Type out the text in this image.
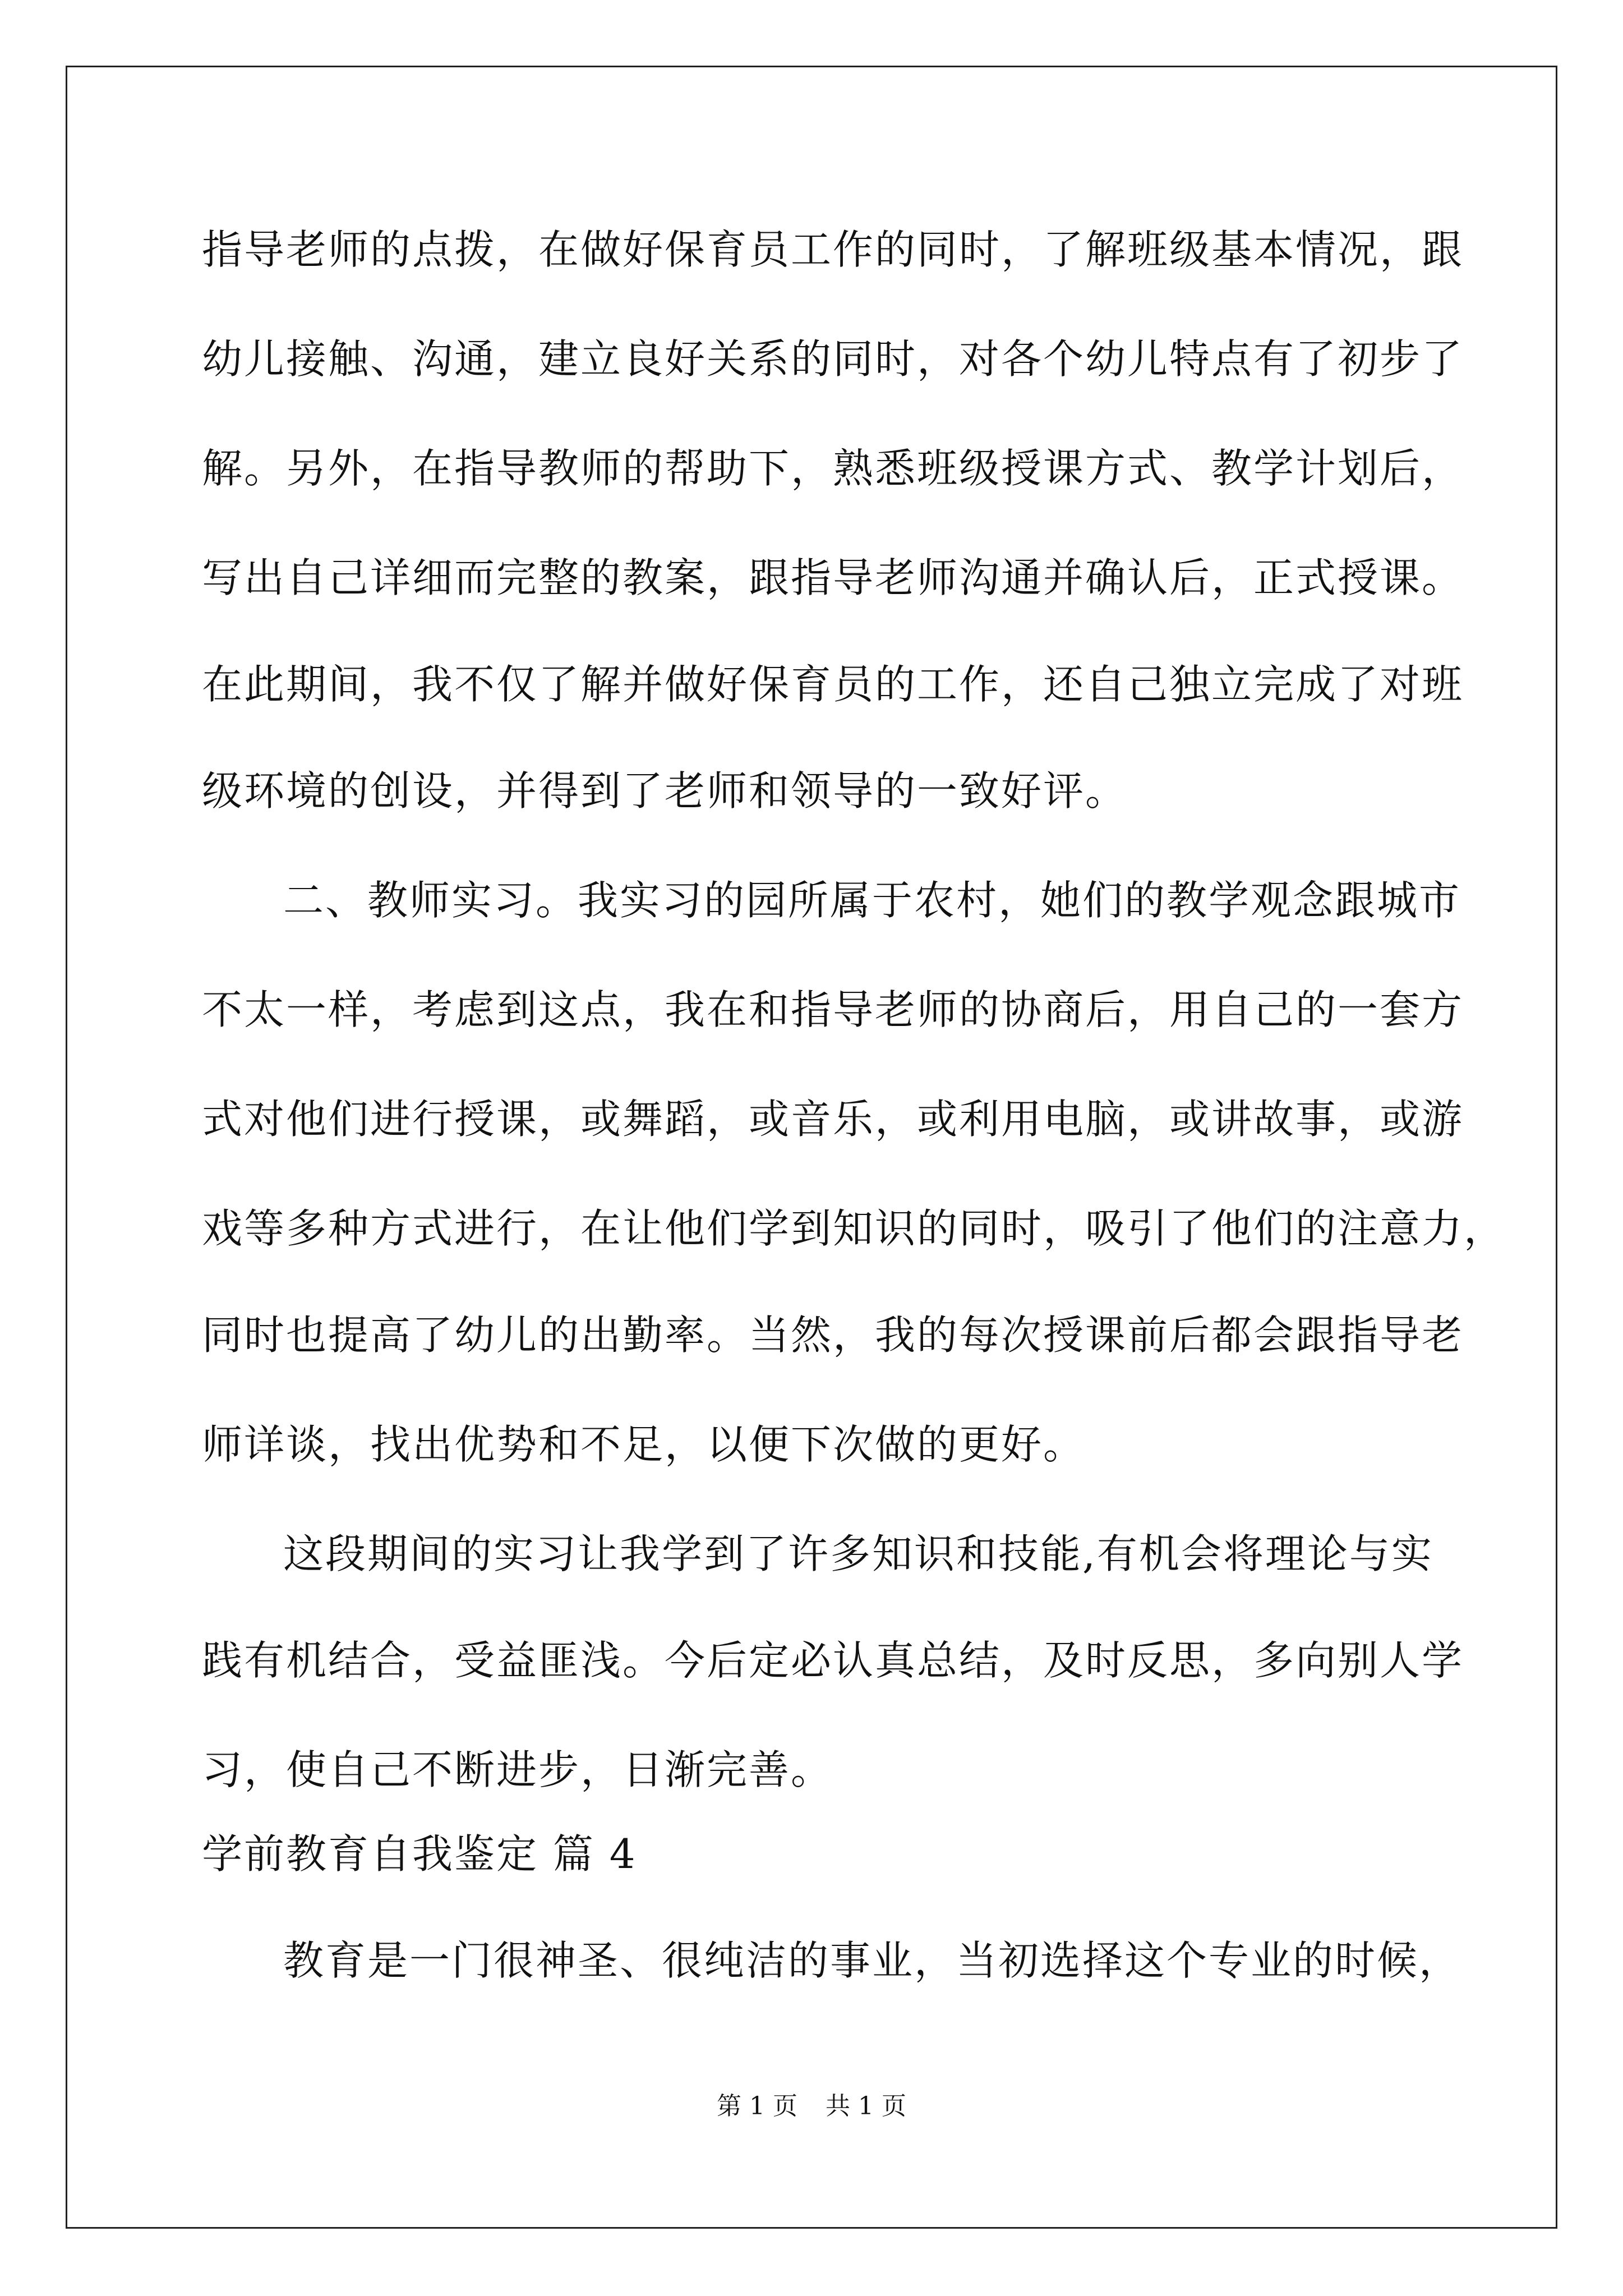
指导老师的点拨，在做好保育员工作的同时，了解班级基本情况，跟
幼儿接触、沟通，建立良好关系的同时，对各个幼儿特点有了初步了
解。另外，在指导教师的帮助下，熟悉班级授课方式、教学计划后，
写出自己详细而完整的教案，跟指导老师沟通并确认后，正式授课。
在此期间，我不仅了解并做好保育员的工作，还自己独立完成了对班
级环境的创设，并得到了老师和领导的一致好评。
二、教师实习。我实习的园所属于农村，她们的教学观念跟城市
不太一样，考虑到这点，我在和指导老师的协商后，用自己的一套方
式对他们进行授课，或舞蹈，或音乐，或利用电脑，或讲故事，或游
戏等多种方式进行，在让他们学到知识的同时，吸引了他们的注意力，
同时也提高了幼儿的出勤率。当然，我的每次授课前后都会跟指导老
师详谈，找出优势和不足，以便下次做的更好。
这段期间的实习让我学到了许多知识和技能,有机会将理论与实
践有机结合，受益匪浅。今后定必认真总结，及时反思，多向别人学
习，使自己不断进步，日渐完善。
学前教育自我鉴定 篇 4
教育是一门很神圣、很纯洁的事业，当初选择这个专业的时候，
第 1 页 共 1 页
